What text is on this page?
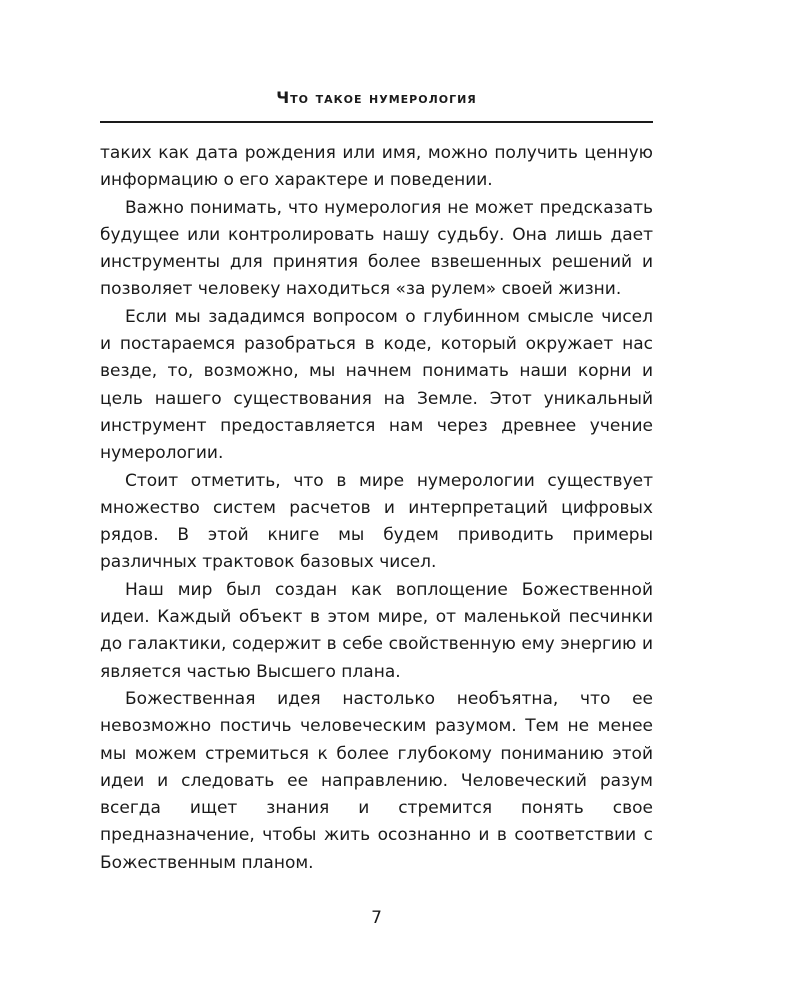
Что такое нумерология

таких как дата рождения или имя, можно получить ценную информацию о его характере и поведении.

Важно понимать, что нумерология не может предсказать будущее или контролировать нашу судьбу. Она лишь дает инструменты для принятия более взвешенных решений и позволяет человеку находиться «за рулем» своей жизни.

Если мы зададимся вопросом о глубинном смысле чисел и постараемся разобраться в коде, который окружает нас везде, то, возможно, мы начнем понимать наши корни и цель нашего существования на Земле. Этот уникальный инструмент предоставляется нам через древнее учение нумерологии.

Стоит отметить, что в мире нумерологии существует множество систем расчетов и интерпретаций цифровых рядов. В этой книге мы будем приводить примеры различных трактовок базовых чисел.

Наш мир был создан как воплощение Божественной идеи. Каждый объект в этом мире, от маленькой песчинки до галактики, содержит в себе свойственную ему энергию и является частью Высшего плана.

Божественная идея настолько необъятна, что ее невозможно постичь человеческим разумом. Тем не менее мы можем стремиться к более глубокому пониманию этой идеи и следовать ее направлению. Человеческий разум всегда ищет знания и стремится понять свое предназначение, чтобы жить осознанно и в соответствии с Божественным планом.

7
